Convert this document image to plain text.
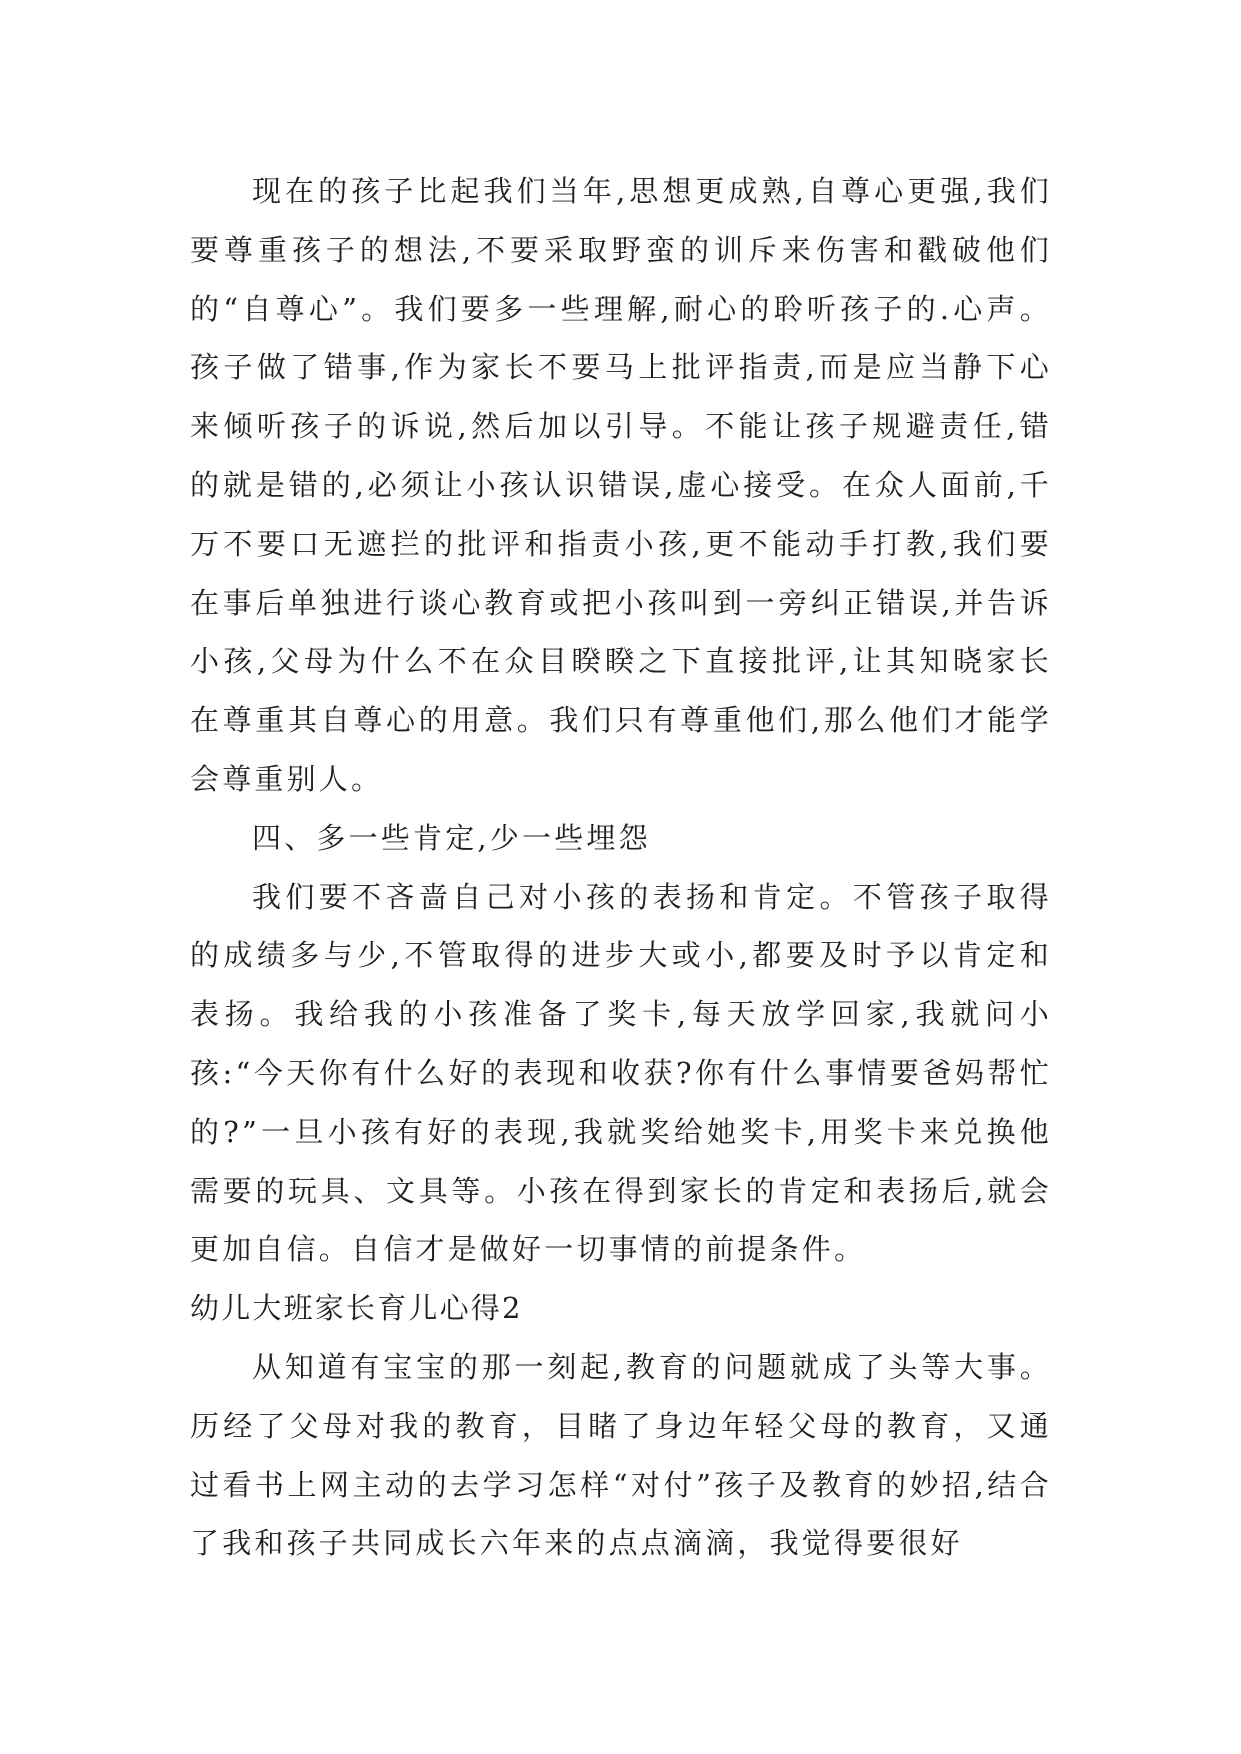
现在的孩子比起我们当年,思想更成熟,自尊心更强,我们要尊重孩子的想法,不要采取野蛮的训斥来伤害和戳破他们的“自尊心”。我们要多一些理解,耐心的聆听孩子的.心声。孩子做了错事,作为家长不要马上批评指责,而是应当静下心来倾听孩子的诉说,然后加以引导。不能让孩子规避责任,错的就是错的,必须让小孩认识错误,虚心接受。在众人面前,千万不要口无遮拦的批评和指责小孩,更不能动手打教,我们要在事后单独进行谈心教育或把小孩叫到一旁纠正错误,并告诉小孩,父母为什么不在众目睽睽之下直接批评,让其知晓家长在尊重其自尊心的用意。我们只有尊重他们,那么他们才能学会尊重别人。

四、多一些肯定,少一些埋怨

我们要不吝啬自己对小孩的表扬和肯定。不管孩子取得的成绩多与少,不管取得的进步大或小,都要及时予以肯定和表扬。我给我的小孩准备了奖卡,每天放学回家,我就问小孩:“今天你有什么好的表现和收获?你有什么事情要爸妈帮忙的?”一旦小孩有好的表现,我就奖给她奖卡,用奖卡来兑换他需要的玩具、文具等。小孩在得到家长的肯定和表扬后,就会更加自信。自信才是做好一切事情的前提条件。

幼儿大班家长育儿心得2

从知道有宝宝的那一刻起,教育的问题就成了头等大事。历经了父母对我的教育，目睹了身边年轻父母的教育，又通过看书上网主动的去学习怎样“对付”孩子及教育的妙招,结合了我和孩子共同成长六年来的点点滴滴，我觉得要很好
